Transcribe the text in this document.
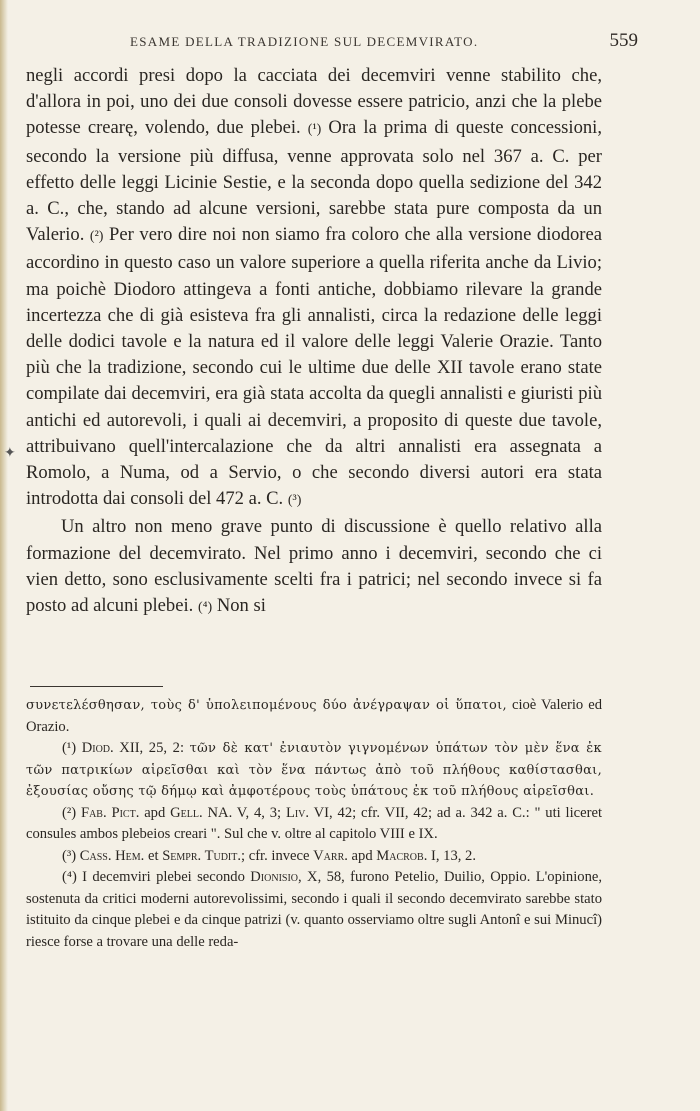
ESAME DELLA TRADIZIONE SUL DECEMVIRATO.	559
✦

negli accordi presi dopo la cacciata dei decemviri venne stabilito che, d'allora in poi, uno dei due consoli dovesse essere patricio, anzi che la plebe potesse crearę, volendo, due plebei. (¹) Ora la prima di queste concessioni, secondo la versione più diffusa, venne approvata solo nel 367 a. C. per effetto delle leggi Licinie Sestie, e la seconda dopo quella sedizione del 342 a. C., che, stando ad alcune versioni, sarebbe stata pure composta da un Valerio. (²) Per vero dire noi non siamo fra coloro che alla versione diodorea accordino in questo caso un valore superiore a quella riferita anche da Livio; ma poichè Diodoro attingeva a fonti antiche, dobbiamo rilevare la grande incertezza che di già esisteva fra gli annalisti, circa la redazione delle leggi delle dodici tavole e la natura ed il valore delle leggi Valerie Orazie. Tanto più che la tradizione, secondo cui le ultime due delle XII tavole erano state compilate dai decemviri, era già stata accolta da quegli annalisti e giuristi più antichi ed autorevoli, i quali ai decemviri, a proposito di queste due tavole, attribuivano quell'intercalazione che da altri annalisti era assegnata a Romolo, a Numa, od a Servio, o che secondo diversi autori era stata introdotta dai consoli del 472 a. C. (³)

Un altro non meno grave punto di discussione è quello relativo alla formazione del decemvirato. Nel primo anno i decemviri, secondo che ci vien detto, sono esclusivamente scelti fra i patrici; nel secondo invece si fa posto ad alcuni plebei. (⁴) Non si

συνετελέσθησαν, τοὺς δ' ὑπολειπομένους δύο ἀνέγραψαν οἱ ὕπατοι, cioè Valerio ed Orazio.

(¹) Diod. XII, 25, 2: τῶν δὲ κατ' ἐνιαυτὸν γιγνομένων ὑπάτων τὸν μὲν ἕνα ἐκ τῶν πατρικίων αἱρεῖσθαι καὶ τὸν ἕνα πάντως ἀπὸ τοῦ πλήθους καθίστασθαι, ἐξουσίας οὔσης τῷ δήμῳ καὶ ἀμφοτέρους τοὺς ὑπάτους ἐκ τοῦ πλήθους αἱρεῖσθαι.

(²) Fab. Pict. apd Gell. NA. V, 4, 3; Liv. VI, 42; cfr. VII, 42; ad a. 342 a. C.: " uti liceret consules ambos plebeios creari ". Sul che v. oltre al capitolo VIII e IX.

(³) Cass. Hem. et Sempr. Tudit.; cfr. invece Varr. apd Macrob. I, 13, 2.

(⁴) I decemviri plebei secondo Dionisio, X, 58, furono Petelio, Duilio, Oppio. L'opinione, sostenuta da critici moderni autorevolissimi, secondo i quali il secondo decemvirato sarebbe stato istituito da cinque plebei e da cinque patrizi (v. quanto osserviamo oltre sugli Antonî e sui Minucî) riesce forse a trovare una delle reda-
